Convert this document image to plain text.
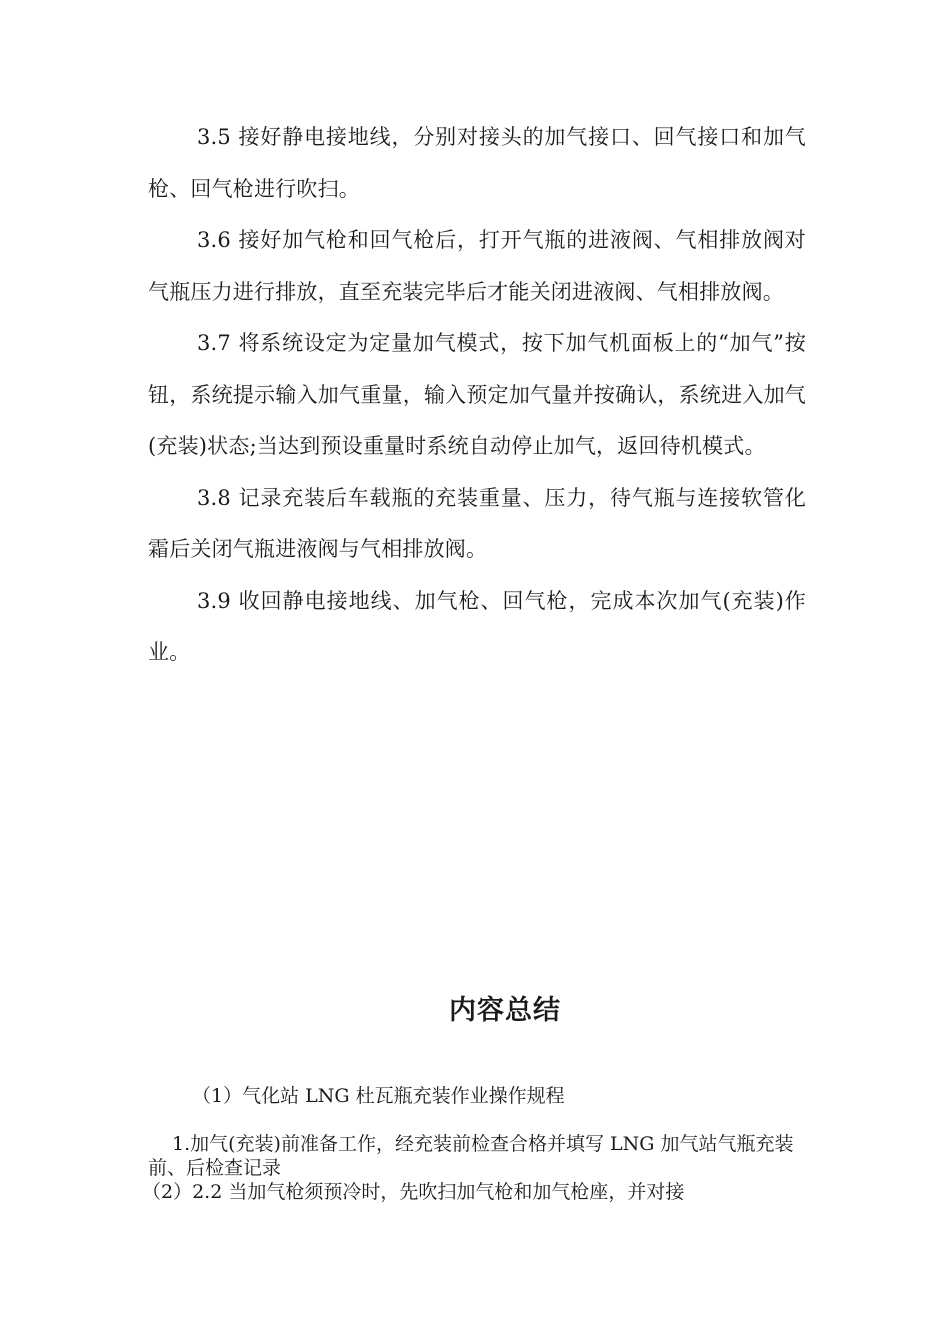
3.5 接好静电接地线，分别对接头的加气接口、回气接口和加气枪、回气枪进行吹扫。

3.6 接好加气枪和回气枪后，打开气瓶的进液阀、气相排放阀对气瓶压力进行排放，直至充装完毕后才能关闭进液阀、气相排放阀。

3.7 将系统设定为定量加气模式，按下加气机面板上的“加气”按钮，系统提示输入加气重量，输入预定加气量并按确认，系统进入加气(充装)状态;当达到预设重量时系统自动停止加气，返回待机模式。

3.8 记录充装后车载瓶的充装重量、压力，待气瓶与连接软管化霜后关闭气瓶进液阀与气相排放阀。

3.9 收回静电接地线、加气枪、回气枪，完成本次加气(充装)作业。

内容总结

（1）气化站 LNG 杜瓦瓶充装作业操作规程

1.加气(充装)前准备工作，经充装前检查合格并填写 LNG 加气站气瓶充装前、后检查记录

（2）2.2 当加气枪须预冷时，先吹扫加气枪和加气枪座，并对接
